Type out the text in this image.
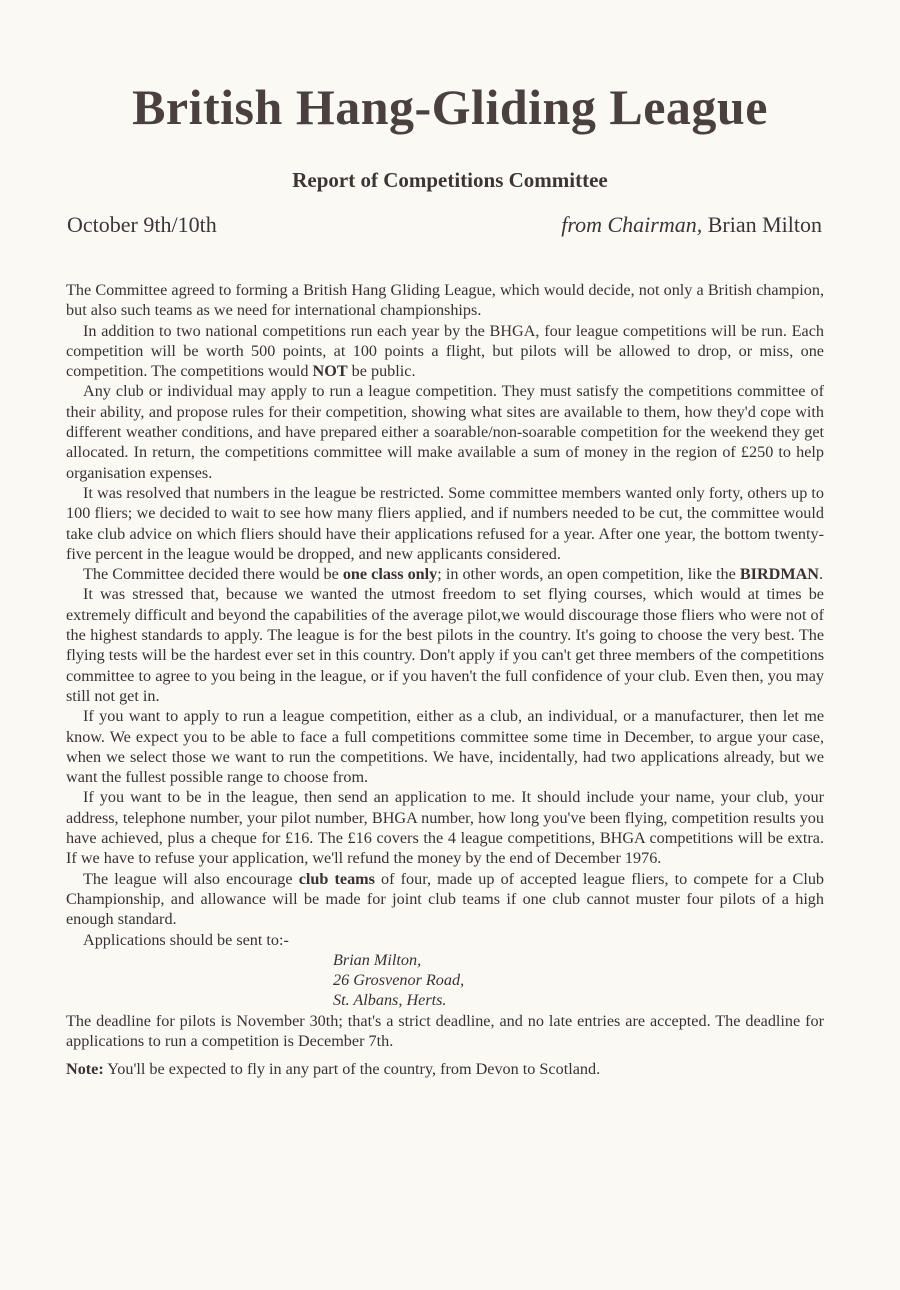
British Hang-Gliding League
Report of Competitions Committee
October 9th/10th	from Chairman, Brian Milton

The Committee agreed to forming a British Hang Gliding League, which would decide, not only a British champion, but also such teams as we need for international championships.

In addition to two national competitions run each year by the BHGA, four league competitions will be run. Each competition will be worth 500 points, at 100 points a flight, but pilots will be allowed to drop, or miss, one competition. The competitions would NOT be public.

Any club or individual may apply to run a league competition. They must satisfy the competitions committee of their ability, and propose rules for their competition, showing what sites are available to them, how they'd cope with different weather conditions, and have prepared either a soarable/non-soarable competition for the weekend they get allocated. In return, the competitions committee will make available a sum of money in the region of £250 to help organisation expenses.

It was resolved that numbers in the league be restricted. Some committee members wanted only forty, others up to 100 fliers; we decided to wait to see how many fliers applied, and if numbers needed to be cut, the committee would take club advice on which fliers should have their applications refused for a year. After one year, the bottom twenty-five percent in the league would be dropped, and new applicants considered.

The Committee decided there would be one class only; in other words, an open competition, like the BIRDMAN.

It was stressed that, because we wanted the utmost freedom to set flying courses, which would at times be extremely difficult and beyond the capabilities of the average pilot,we would discourage those fliers who were not of the highest standards to apply. The league is for the best pilots in the country. It's going to choose the very best. The flying tests will be the hardest ever set in this country. Don't apply if you can't get three members of the competitions committee to agree to you being in the league, or if you haven't the full confidence of your club. Even then, you may still not get in.

If you want to apply to run a league competition, either as a club, an individual, or a manufacturer, then let me know. We expect you to be able to face a full competitions committee some time in December, to argue your case, when we select those we want to run the competitions. We have, incidentally, had two applications already, but we want the fullest possible range to choose from.

If you want to be in the league, then send an application to me. It should include your name, your club, your address, telephone number, your pilot number, BHGA number, how long you've been flying, competition results you have achieved, plus a cheque for £16. The £16 covers the 4 league competitions, BHGA competitions will be extra. If we have to refuse your application, we'll refund the money by the end of December 1976.

The league will also encourage club teams of four, made up of accepted league fliers, to compete for a Club Championship, and allowance will be made for joint club teams if one club cannot muster four pilots of a high enough standard.

Applications should be sent to:-

Brian Milton,
26 Grosvenor Road,
St. Albans, Herts.

The deadline for pilots is November 30th; that's a strict deadline, and no late entries are accepted. The deadline for applications to run a competition is December 7th.

Note: You'll be expected to fly in any part of the country, from Devon to Scotland.
